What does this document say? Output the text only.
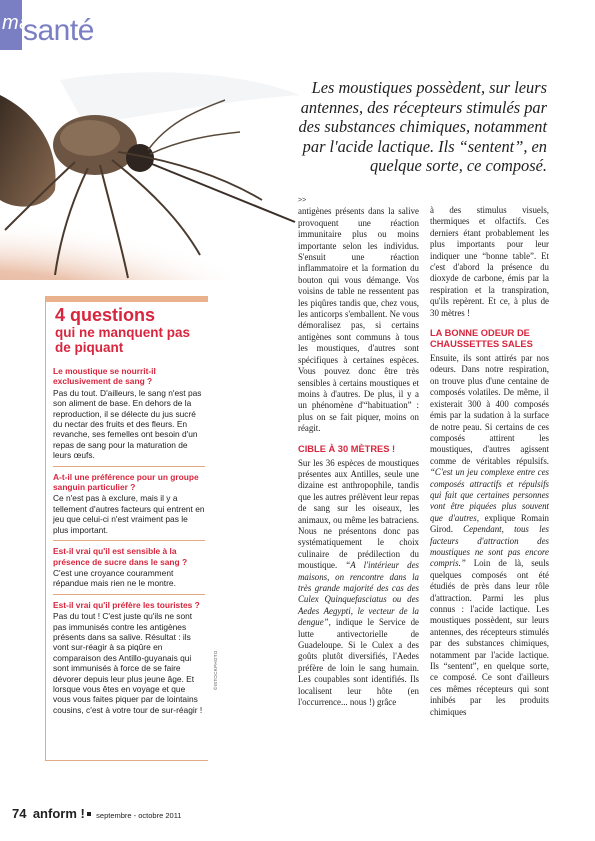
ma
santé
Les moustiques possèdent, sur leurs antennes, des récepteurs stimulés par des substances chimiques, notamment par l'acide lactique. Ils “sentent”, en quelque sorte, ce composé.
4 questions
qui ne manquent pas
de piquant
Le moustique se nourrit-il exclusivement de sang ?
Pas du tout. D'ailleurs, le sang n'est pas son aliment de base. En dehors de la reproduction, il se délecte du jus sucré du nectar des fruits et des fleurs. En revanche, ses femelles ont besoin d'un repas de sang pour la maturation de leurs œufs.
A-t-il une préférence pour un groupe sanguin particulier ?
Ce n'est pas à exclure, mais il y a tellement d'autres facteurs qui entrent en jeu que celui-ci n'est vraiment pas le plus important.
Est-il vrai qu'il est sensible à la présence de sucre dans le sang ?
C'est une croyance couramment répandue mais rien ne le montre.
Est-il vrai qu'il préfère les touristes ?
Pas du tout ! C'est juste qu'ils ne sont pas immunisés contre les antigènes présents dans sa salive. Résultat : ils vont sur-réagir à sa piqûre en comparaison des Antillo-guyanais qui sont immunisés à force de se faire dévorer depuis leur plus jeune âge. Et lorsque vous êtes en voyage et que vous vous faites piquer par de lointains cousins, c'est à votre tour de sur-réagir !
©ISTOCKPHOTO
>>

antigènes présents dans la salive provoquent une réaction immunitaire plus ou moins importante selon les individus. S'ensuit une réaction inflammatoire et la formation du bouton qui vous démange. Vos voisins de table ne ressentent pas les piqûres tandis que, chez vous, les anticorps s'emballent. Ne vous démoralisez pas, si certains antigènes sont communs à tous les moustiques, d'autres sont spécifiques à certaines espèces. Vous pouvez donc être très sensibles à certains moustiques et moins à d'autres. De plus, il y a un phénomène d'“habituation” : plus on se fait piquer, moins on réagit.

CIBLE À 30 MÈTRES !

Sur les 36 espèces de moustiques présentes aux Antilles, seule une dizaine est anthropophile, tandis que les autres prélèvent leur repas de sang sur les oiseaux, les animaux, ou même les batraciens. Nous ne présentons donc pas systématiquement le choix culinaire de prédilection du moustique. “A l'intérieur des maisons, on rencontre dans la très grande majorité des cas des Culex Quinquefasciatus ou des Aedes Aegypti, le vecteur de la dengue”, indique le Service de lutte antivectorielle de Guadeloupe. Si le Culex a des goûts plutôt diversifiés, l'Aedes préfère de loin le sang humain. Les coupables sont identifiés. Ils localisent leur hôte (en l'occurrence... nous !) grâce

à des stimulus visuels, thermiques et olfactifs. Ces derniers étant probablement les plus importants pour leur indiquer une “bonne table”. Et c'est d'abord la présence du dioxyde de carbone, émis par la respiration et la transpiration, qu'ils repèrent. Et ce, à plus de 30 mètres !

LA BONNE ODEUR DE CHAUSSETTES SALES

Ensuite, ils sont attirés par nos odeurs. Dans notre respiration, on trouve plus d'une centaine de composés volatiles. De même, il existerait 300 à 400 composés émis par la sudation à la surface de notre peau. Si certains de ces composés attirent les moustiques, d'autres agissent comme de véritables répulsifs. “C'est un jeu complexe entre ces composés attractifs et répulsifs qui fait que certaines personnes vont être piquées plus souvent que d'autres, explique Romain Girod. Cependant, tous les facteurs d'attraction des moustiques ne sont pas encore compris.” Loin de là, seuls quelques composés ont été étudiés de près dans leur rôle d'attraction. Parmi les plus connus : l'acide lactique. Les moustiques possèdent, sur leurs antennes, des récepteurs stimulés par des substances chimiques, notamment par l'acide lactique. Ils “sentent”, en quelque sorte, ce composé. Ce sont d'ailleurs ces mêmes récepteurs qui sont inhibés par les produits chimiques

74 anform ! septembre - octobre 2011
